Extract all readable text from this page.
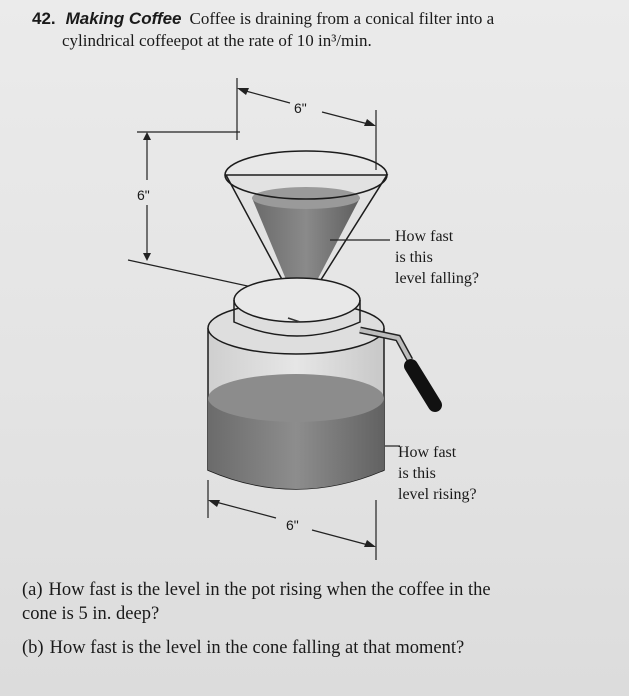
42. Making Coffee Coffee is draining from a conical filter into a
cylindrical coffeepot at the rate of 10 in³/min.
6"
6"
6"
How fast
is this
level falling?
How fast
is this
level rising?
(a) How fast is the level in the pot rising when the coffee in the
cone is 5 in. deep?
(b) How fast is the level in the cone falling at that moment?
